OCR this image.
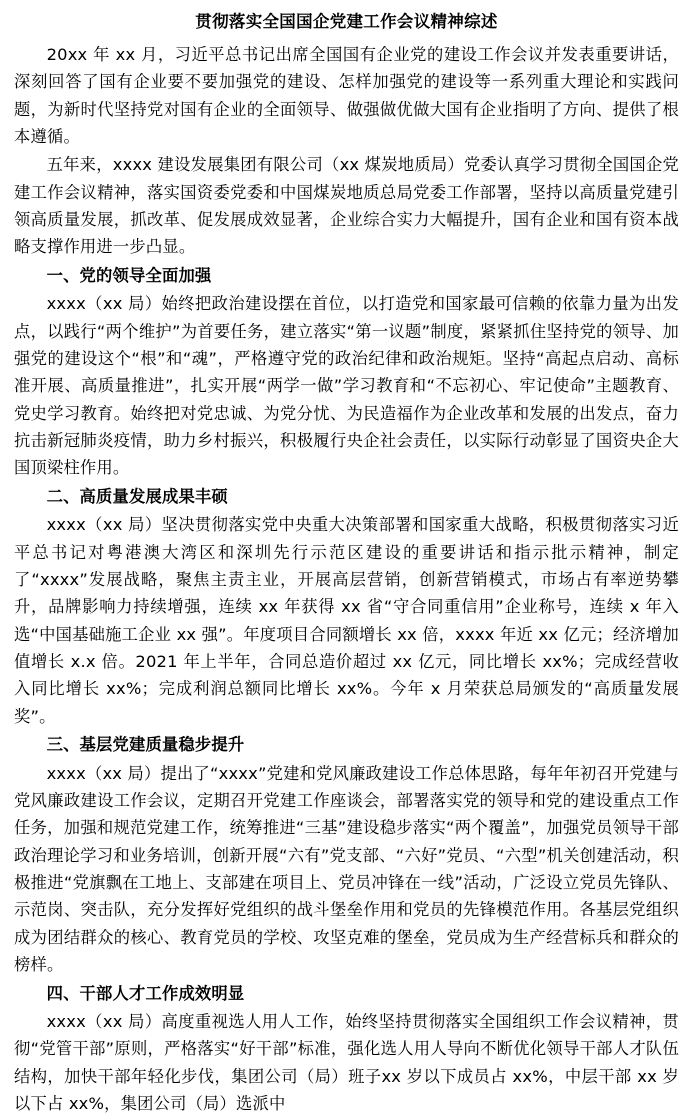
贯彻落实全国国企党建工作会议精神综述

20xx 年 xx 月，习近平总书记出席全国国有企业党的建设工作会议并发表重要讲话，深刻回答了国有企业要不要加强党的建设、怎样加强党的建设等一系列重大理论和实践问题，为新时代坚持党对国有企业的全面领导、做强做优做大国有企业指明了方向、提供了根本遵循。

五年来，xxxx 建设发展集团有限公司（xx 煤炭地质局）党委认真学习贯彻全国国企党建工作会议精神，落实国资委党委和中国煤炭地质总局党委工作部署，坚持以高质量党建引领高质量发展，抓改革、促发展成效显著，企业综合实力大幅提升，国有企业和国有资本战略支撑作用进一步凸显。

一、党的领导全面加强

xxxx（xx 局）始终把政治建设摆在首位，以打造党和国家最可信赖的依靠力量为出发点，以践行“两个维护”为首要任务，建立落实“第一议题”制度，紧紧抓住坚持党的领导、加强党的建设这个“根”和“魂”，严格遵守党的政治纪律和政治规矩。坚持“高起点启动、高标准开展、高质量推进”，扎实开展“两学一做”学习教育和“不忘初心、牢记使命”主题教育、党史学习教育。始终把对党忠诚、为党分忧、为民造福作为企业改革和发展的出发点，奋力抗击新冠肺炎疫情，助力乡村振兴，积极履行央企社会责任，以实际行动彰显了国资央企大国顶梁柱作用。

二、高质量发展成果丰硕

xxxx（xx 局）坚决贯彻落实党中央重大决策部署和国家重大战略，积极贯彻落实习近平总书记对粤港澳大湾区和深圳先行示范区建设的重要讲话和指示批示精神，制定了“xxxx”发展战略，聚焦主责主业，开展高层营销，创新营销模式，市场占有率逆势攀升，品牌影响力持续增强，连续 xx 年获得 xx 省“守合同重信用”企业称号，连续 x 年入选“中国基础施工企业 xx 强”。年度项目合同额增长 xx 倍，xxxx 年近 xx 亿元；经济增加值增长 x.x 倍。2021 年上半年，合同总造价超过 xx 亿元，同比增长 xx%；完成经营收入同比增长 xx%；完成利润总额同比增长 xx%。今年 x 月荣获总局颁发的“高质量发展奖”。

三、基层党建质量稳步提升

xxxx（xx 局）提出了“xxxx”党建和党风廉政建设工作总体思路，每年年初召开党建与党风廉政建设工作会议，定期召开党建工作座谈会，部署落实党的领导和党的建设重点工作任务，加强和规范党建工作，统筹推进“三基”建设稳步落实“两个覆盖”，加强党员领导干部政治理论学习和业务培训，创新开展“六有”党支部、“六好”党员、“六型”机关创建活动，积极推进“党旗飘在工地上、支部建在项目上、党员冲锋在一线”活动，广泛设立党员先锋队、示范岗、突击队，充分发挥好党组织的战斗堡垒作用和党员的先锋模范作用。各基层党组织成为团结群众的核心、教育党员的学校、攻坚克难的堡垒，党员成为生产经营标兵和群众的榜样。

四、干部人才工作成效明显

xxxx（xx 局）高度重视选人用人工作，始终坚持贯彻落实全国组织工作会议精神，贯彻“党管干部”原则，严格落实“好干部”标准，强化选人用人导向不断优化领导干部人才队伍结构，加快干部年轻化步伐，集团公司（局）班子xx 岁以下成员占 xx%，中层干部 xx 岁以下占 xx%，集团公司（局）选派中
